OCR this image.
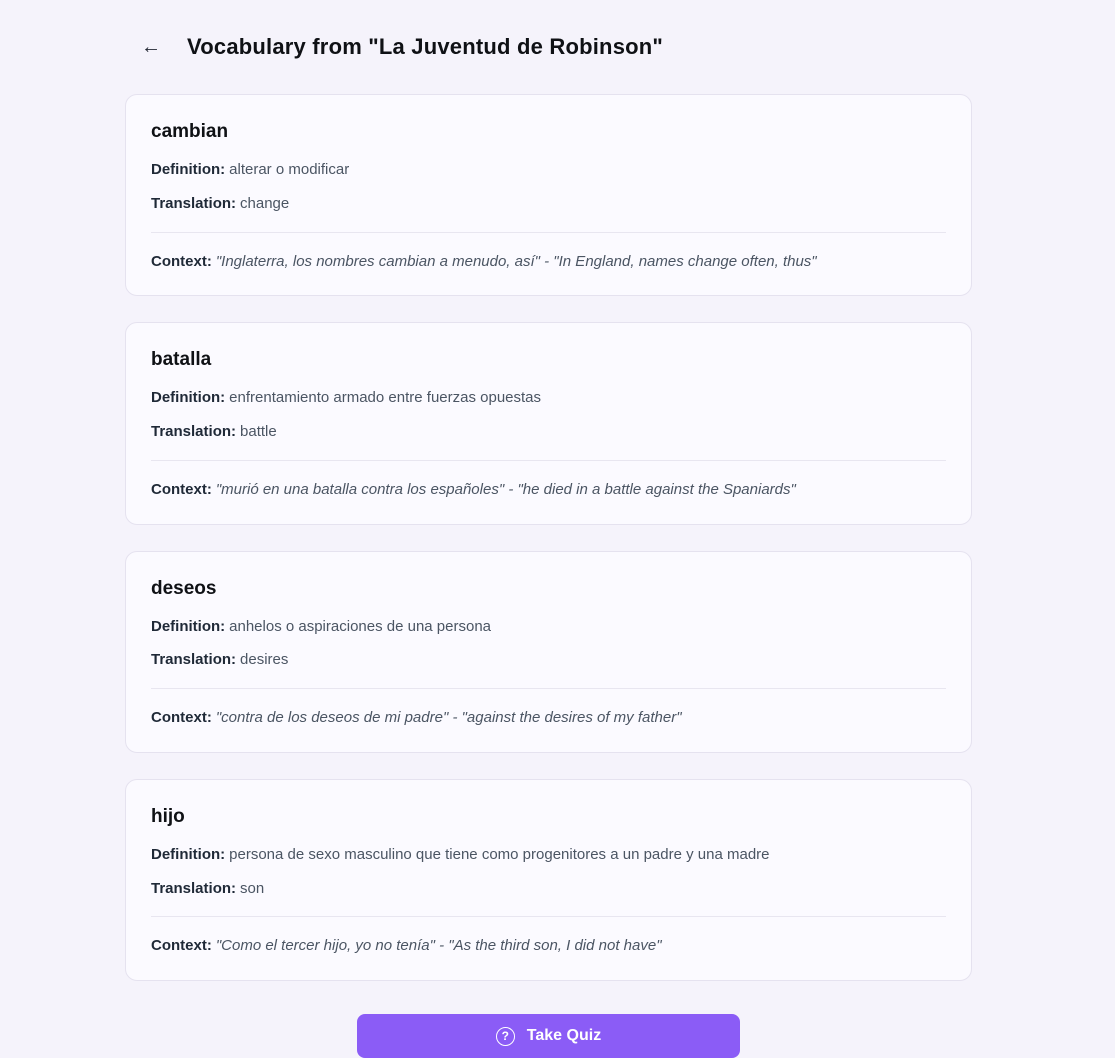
← Vocabulary from "La Juventud de Robinson"
cambian
Definition: alterar o modificar
Translation: change
Context: "Inglaterra, los nombres cambian a menudo, así" - "In England, names change often, thus"
batalla
Definition: enfrentamiento armado entre fuerzas opuestas
Translation: battle
Context: "murió en una batalla contra los españoles" - "he died in a battle against the Spaniards"
deseos
Definition: anhelos o aspiraciones de una persona
Translation: desires
Context: "contra de los deseos de mi padre" - "against the desires of my father"
hijo
Definition: persona de sexo masculino que tiene como progenitores a un padre y una madre
Translation: son
Context: "Como el tercer hijo, yo no tenía" - "As the third son, I did not have"
?	Take Quiz
